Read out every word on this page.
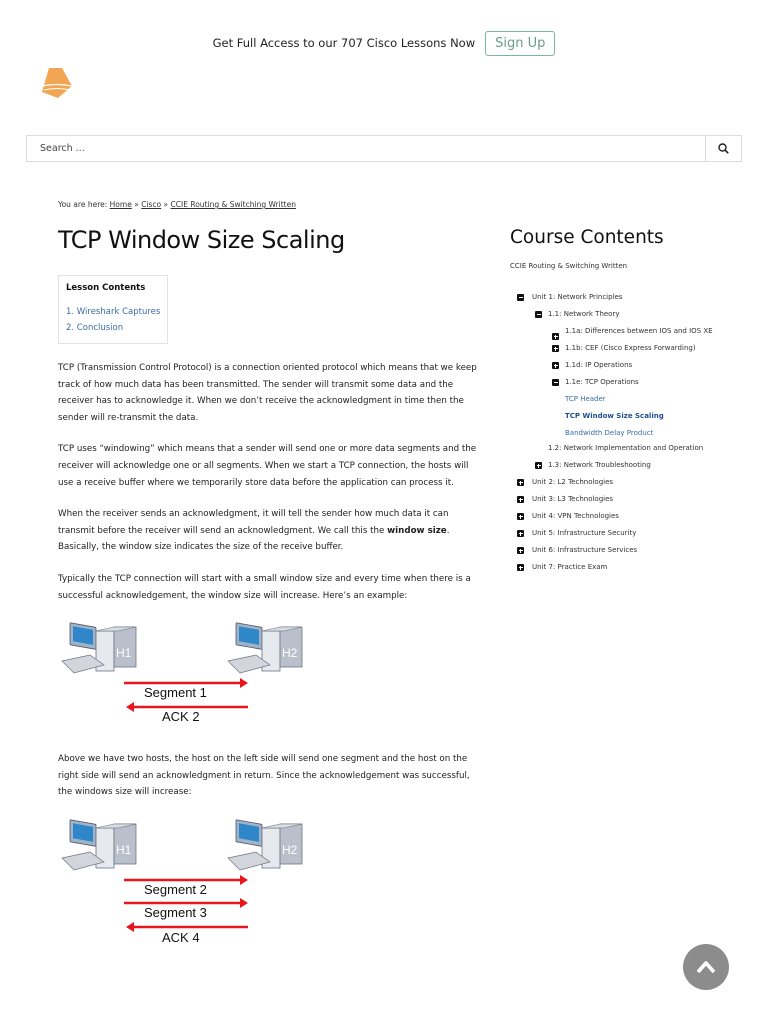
Get Full Access to our 707 Cisco Lessons Now	Sign Up
Search ...
You are here: Home » Cisco » CCIE Routing & Switching Written
TCP Window Size Scaling
Lesson Contents
1. Wireshark Captures
2. Conclusion

TCP (Transmission Control Protocol) is a connection oriented protocol which means that we keep track of how much data has been transmitted. The sender will transmit some data and the receiver has to acknowledge it. When we don’t receive the acknowledgment in time then the sender will re-transmit the data.

TCP uses “windowing” which means that a sender will send one or more data segments and the receiver will acknowledge one or all segments. When we start a TCP connection, the hosts will use a receive buffer where we temporarily store data before the application can process it.

When the receiver sends an acknowledgment, it will tell the sender how much data it can transmit before the receiver will send an acknowledgment. We call this the window size. Basically, the window size indicates the size of the receive buffer.

Typically the TCP connection will start with a small window size and every time when there is a successful acknowledgement, the window size will increase. Here’s an example:

H1	H2
Segment 1
ACK 2

Above we have two hosts, the host on the left side will send one segment and the host on the right side will send an acknowledgment in return. Since the acknowledgement was successful, the windows size will increase:

H1	H2
Segment 2
Segment 3
ACK 4
Course Contents
CCIE Routing & Switching Written
Unit 1: Network Principles
1.1: Network Theory
1.1a: Differences between IOS and IOS XE
1.1b: CEF (Cisco Express Forwarding)
1.1d: IP Operations
1.1e: TCP Operations
TCP Header
TCP Window Size Scaling
Bandwidth Delay Product
1.2: Network Implementation and Operation
1.3: Network Troubleshooting
Unit 2: L2 Technologies
Unit 3: L3 Technologies
Unit 4: VPN Technologies
Unit 5: Infrastructure Security
Unit 6: Infrastructure Services
Unit 7: Practice Exam
